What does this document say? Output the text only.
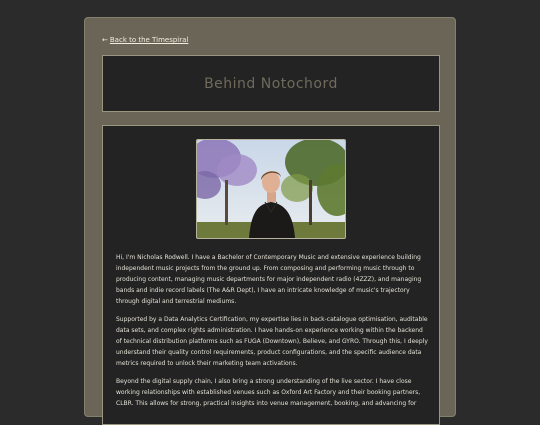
← Back to the Timespiral
Behind Notochord

Hi, I'm Nicholas Rodwell. I have a Bachelor of Contemporary Music and extensive experience building independent music projects from the ground up. From composing and performing music through to producing content, managing music departments for major independent radio (4ZZZ), and managing bands and indie record labels (The A&R Dept), I have an intricate knowledge of music's trajectory through digital and terrestrial mediums.

Supported by a Data Analytics Certification, my expertise lies in back-catalogue optimisation, auditable data sets, and complex rights administration. I have hands-on experience working within the backend of technical distribution platforms such as FUGA (Downtown), Believe, and GYRO. Through this, I deeply understand their quality control requirements, product configurations, and the specific audience data metrics required to unlock their marketing team activations.

Beyond the digital supply chain, I also bring a strong understanding of the live sector. I have close working relationships with established venues such as Oxford Art Factory and their booking partners, CLBR. This allows for strong, practical insights into venue management, booking, and advancing for
